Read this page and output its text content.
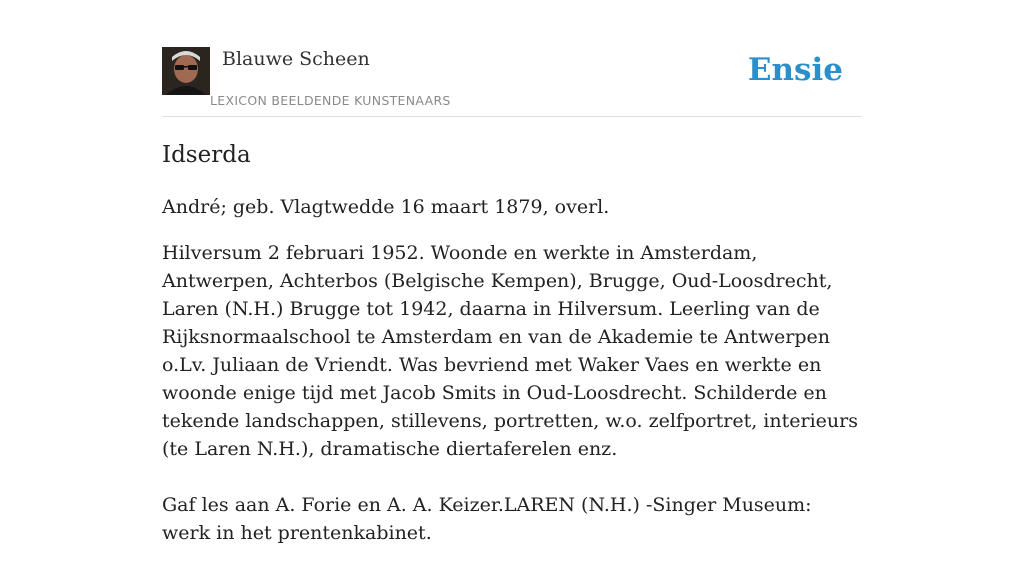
Blauwe Scheen
LEXICON BEELDENDE KUNSTENAARS
Ensie
Idserda

André; geb. Vlagtwedde 16 maart 1879, overl.

Hilversum 2 februari 1952. Woonde en werkte in Amsterdam, Antwerpen, Achterbos (Belgische Kempen), Brugge, Oud-Loosdrecht, Laren (N.H.) Brugge tot 1942, daarna in Hilversum. Leerling van de Rijksnormaalschool te Amsterdam en van de Akademie te Antwerpen o.Lv. Juliaan de Vriendt. Was bevriend met Waker Vaes en werkte en woonde enige tijd met Jacob Smits in Oud-Loosdrecht. Schilderde en tekende landschappen, stillevens, portretten, w.o. zelfportret, interieurs (te Laren N.H.), dramatische diertaferelen enz.

Gaf les aan A. Forie en A. A. Keizer.LAREN (N.H.) -Singer Museum: werk in het prentenkabinet.
